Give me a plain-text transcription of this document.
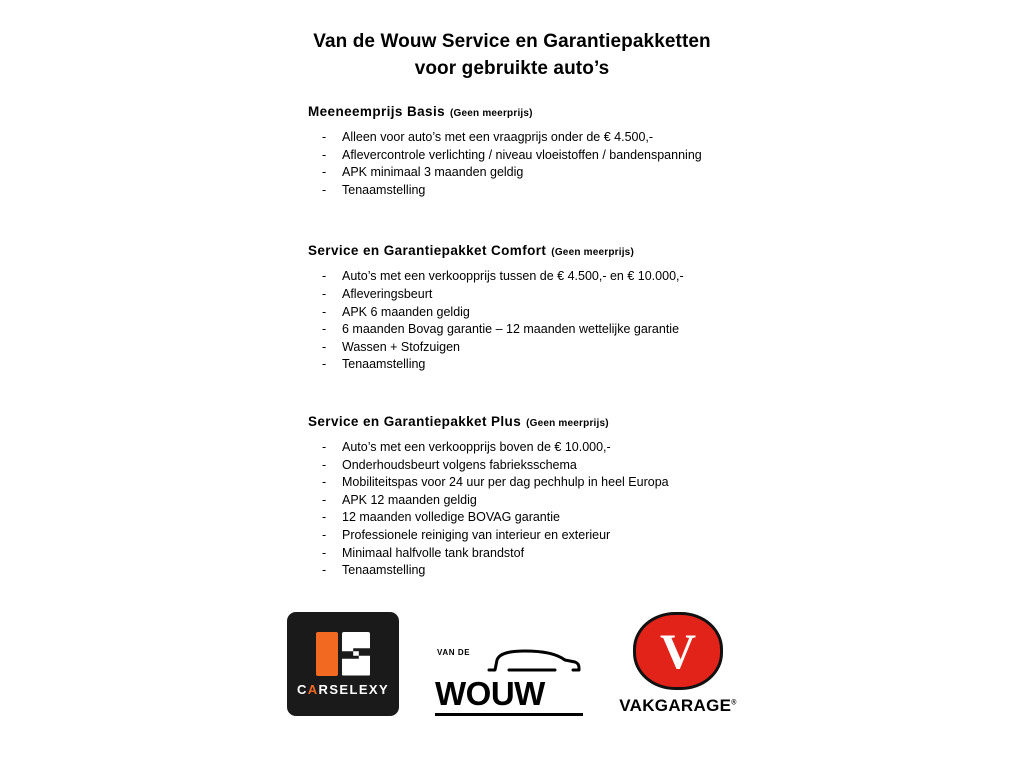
Van de Wouw Service en Garantiepakketten
voor gebruikte auto’s
Meeneemprijs Basis (Geen meerprijs)
- Alleen voor auto’s met een vraagprijs onder de € 4.500,-
- Aflevercontrole verlichting / niveau vloeistoffen / bandenspanning
- APK minimaal 3 maanden geldig
- Tenaamstelling
Service en Garantiepakket Comfort (Geen meerprijs)
- Auto’s met een verkoopprijs tussen de € 4.500,- en € 10.000,-
- Afleveringsbeurt
- APK 6 maanden geldig
- 6 maanden Bovag garantie – 12 maanden wettelijke garantie
- Wassen + Stofzuigen
- Tenaamstelling
Service en Garantiepakket Plus (Geen meerprijs)
- Auto’s met een verkoopprijs boven de € 10.000,-
- Onderhoudsbeurt volgens fabrieksschema
- Mobiliteitspas voor 24 uur per dag pechhulp in heel Europa
- APK 12 maanden geldig
- 12 maanden volledige BOVAG garantie
- Professionele reiniging van interieur en exterieur
- Minimaal halfvolle tank brandstof
- Tenaamstelling
CARSELEXY
VAN DE
WOUW
V
VAKGARAGE®
